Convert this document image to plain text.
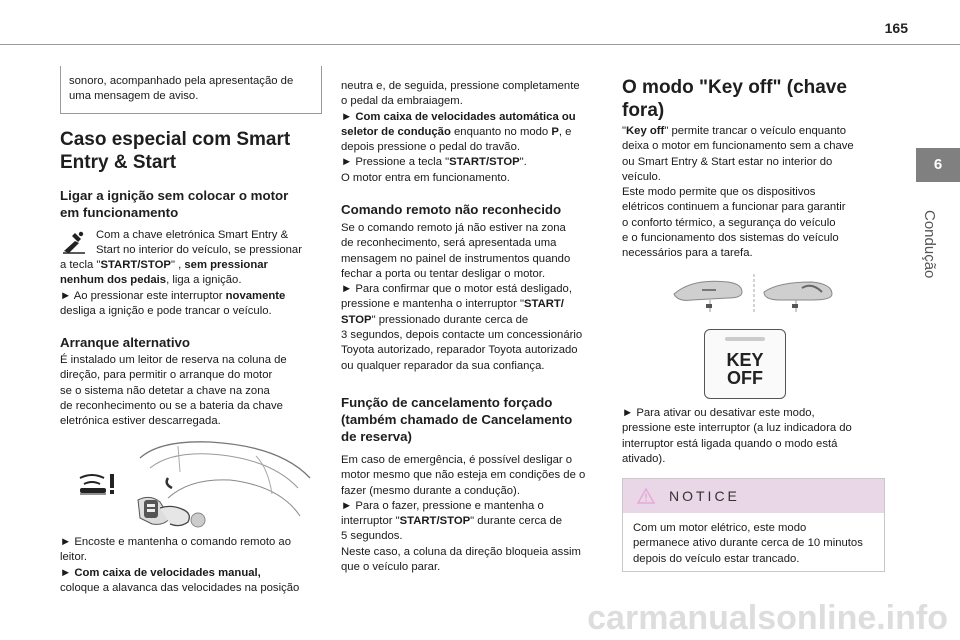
165
6
Condução

sonoro, acompanhado pela apresentação de

uma mensagem de aviso.

Caso especial com Smart
Entry & Start
Ligar a ignição sem colocar o motor
em funcionamento

Com a chave eletrónica Smart Entry &

Start no interior do veículo, se pressionar

a tecla "START/STOP" , sem pressionar

nenhum dos pedais, liga a ignição.

► Ao pressionar este interruptor novamente

desliga a ignição e pode trancar o veículo.

Arranque alternativo

É instalado um leitor de reserva na coluna de

direção, para permitir o arranque do motor

se o sistema não detetar a chave na zona

de reconhecimento ou se a bateria da chave

eletrónica estiver descarregada.

► Encoste e mantenha o comando remoto ao

leitor.

► Com caixa de velocidades manual,

coloque a alavanca das velocidades na posição

neutra e, de seguida, pressione completamente

o pedal da embraiagem.

► Com caixa de velocidades automática ou

seletor de condução enquanto no modo P, e

depois pressione o pedal do travão.

► Pressione a tecla "START/STOP".

O motor entra em funcionamento.

Comando remoto não reconhecido

Se o comando remoto já não estiver na zona

de reconhecimento, será apresentada uma

mensagem no painel de instrumentos quando

fechar a porta ou tentar desligar o motor.

► Para confirmar que o motor está desligado,

pressione e mantenha o interruptor "START/

STOP" pressionado durante cerca de

3 segundos, depois contacte um concessionário

Toyota autorizado, reparador Toyota autorizado

ou qualquer reparador da sua confiança.

Função de cancelamento forçado
(também chamado de Cancelamento
de reserva)

Em caso de emergência, é possível desligar o

motor mesmo que não esteja em condições de o

fazer (mesmo durante a condução).

► Para o fazer, pressione e mantenha o

interruptor "START/STOP" durante cerca de

5 segundos.

Neste caso, a coluna da direção bloqueia assim

que o veículo parar.

O modo "Key off" (chave
fora)

"Key off" permite trancar o veículo enquanto

deixa o motor em funcionamento sem a chave

ou Smart Entry & Start estar no interior do

veículo.

Este modo permite que os dispositivos

elétricos continuem a funcionar para garantir

o conforto térmico, a segurança do veículo

e o funcionamento dos sistemas do veículo

necessários para a tarefa.

KEY
OFF

► Para ativar ou desativar este modo,

pressione este interruptor (a luz indicadora do

interruptor está ligada quando o modo está

ativado).

NOTICE

Com um motor elétrico, este modo

permanece ativo durante cerca de 10 minutos

depois do veículo estar trancado.

carmanualsonline.info
